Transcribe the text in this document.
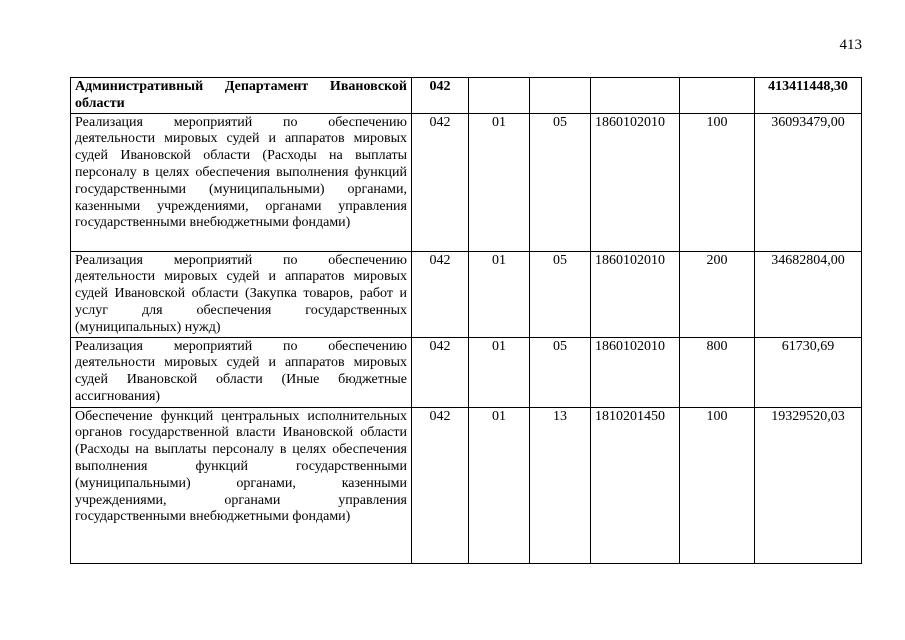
413
Административный Департамент Ивановской области	042					413411448,30
Реализация мероприятий по обеспечению деятельности мировых судей и аппаратов мировых судей Ивановской области (Расходы на выплаты персоналу в целях обеспечения выполнения функций государственными (муниципальными) органами, казенными учреждениями, органами управления государственными внебюджетными фондами)	042	01	05	1860102010	100	36093479,00
Реализация мероприятий по обеспечению деятельности мировых судей и аппаратов мировых судей Ивановской области (Закупка товаров, работ и услуг для обеспечения государственных (муниципальных) нужд)	042	01	05	1860102010	200	34682804,00
Реализация мероприятий по обеспечению деятельности мировых судей и аппаратов мировых судей Ивановской области (Иные бюджетные ассигнования)	042	01	05	1860102010	800	61730,69
Обеспечение функций центральных исполнительных органов государственной власти Ивановской области (Расходы на выплаты персоналу в целях обеспечения выполнения функций государственными (муниципальными) органами, казенными учреждениями, органами управления государственными внебюджетными фондами)	042	01	13	1810201450	100	19329520,03
